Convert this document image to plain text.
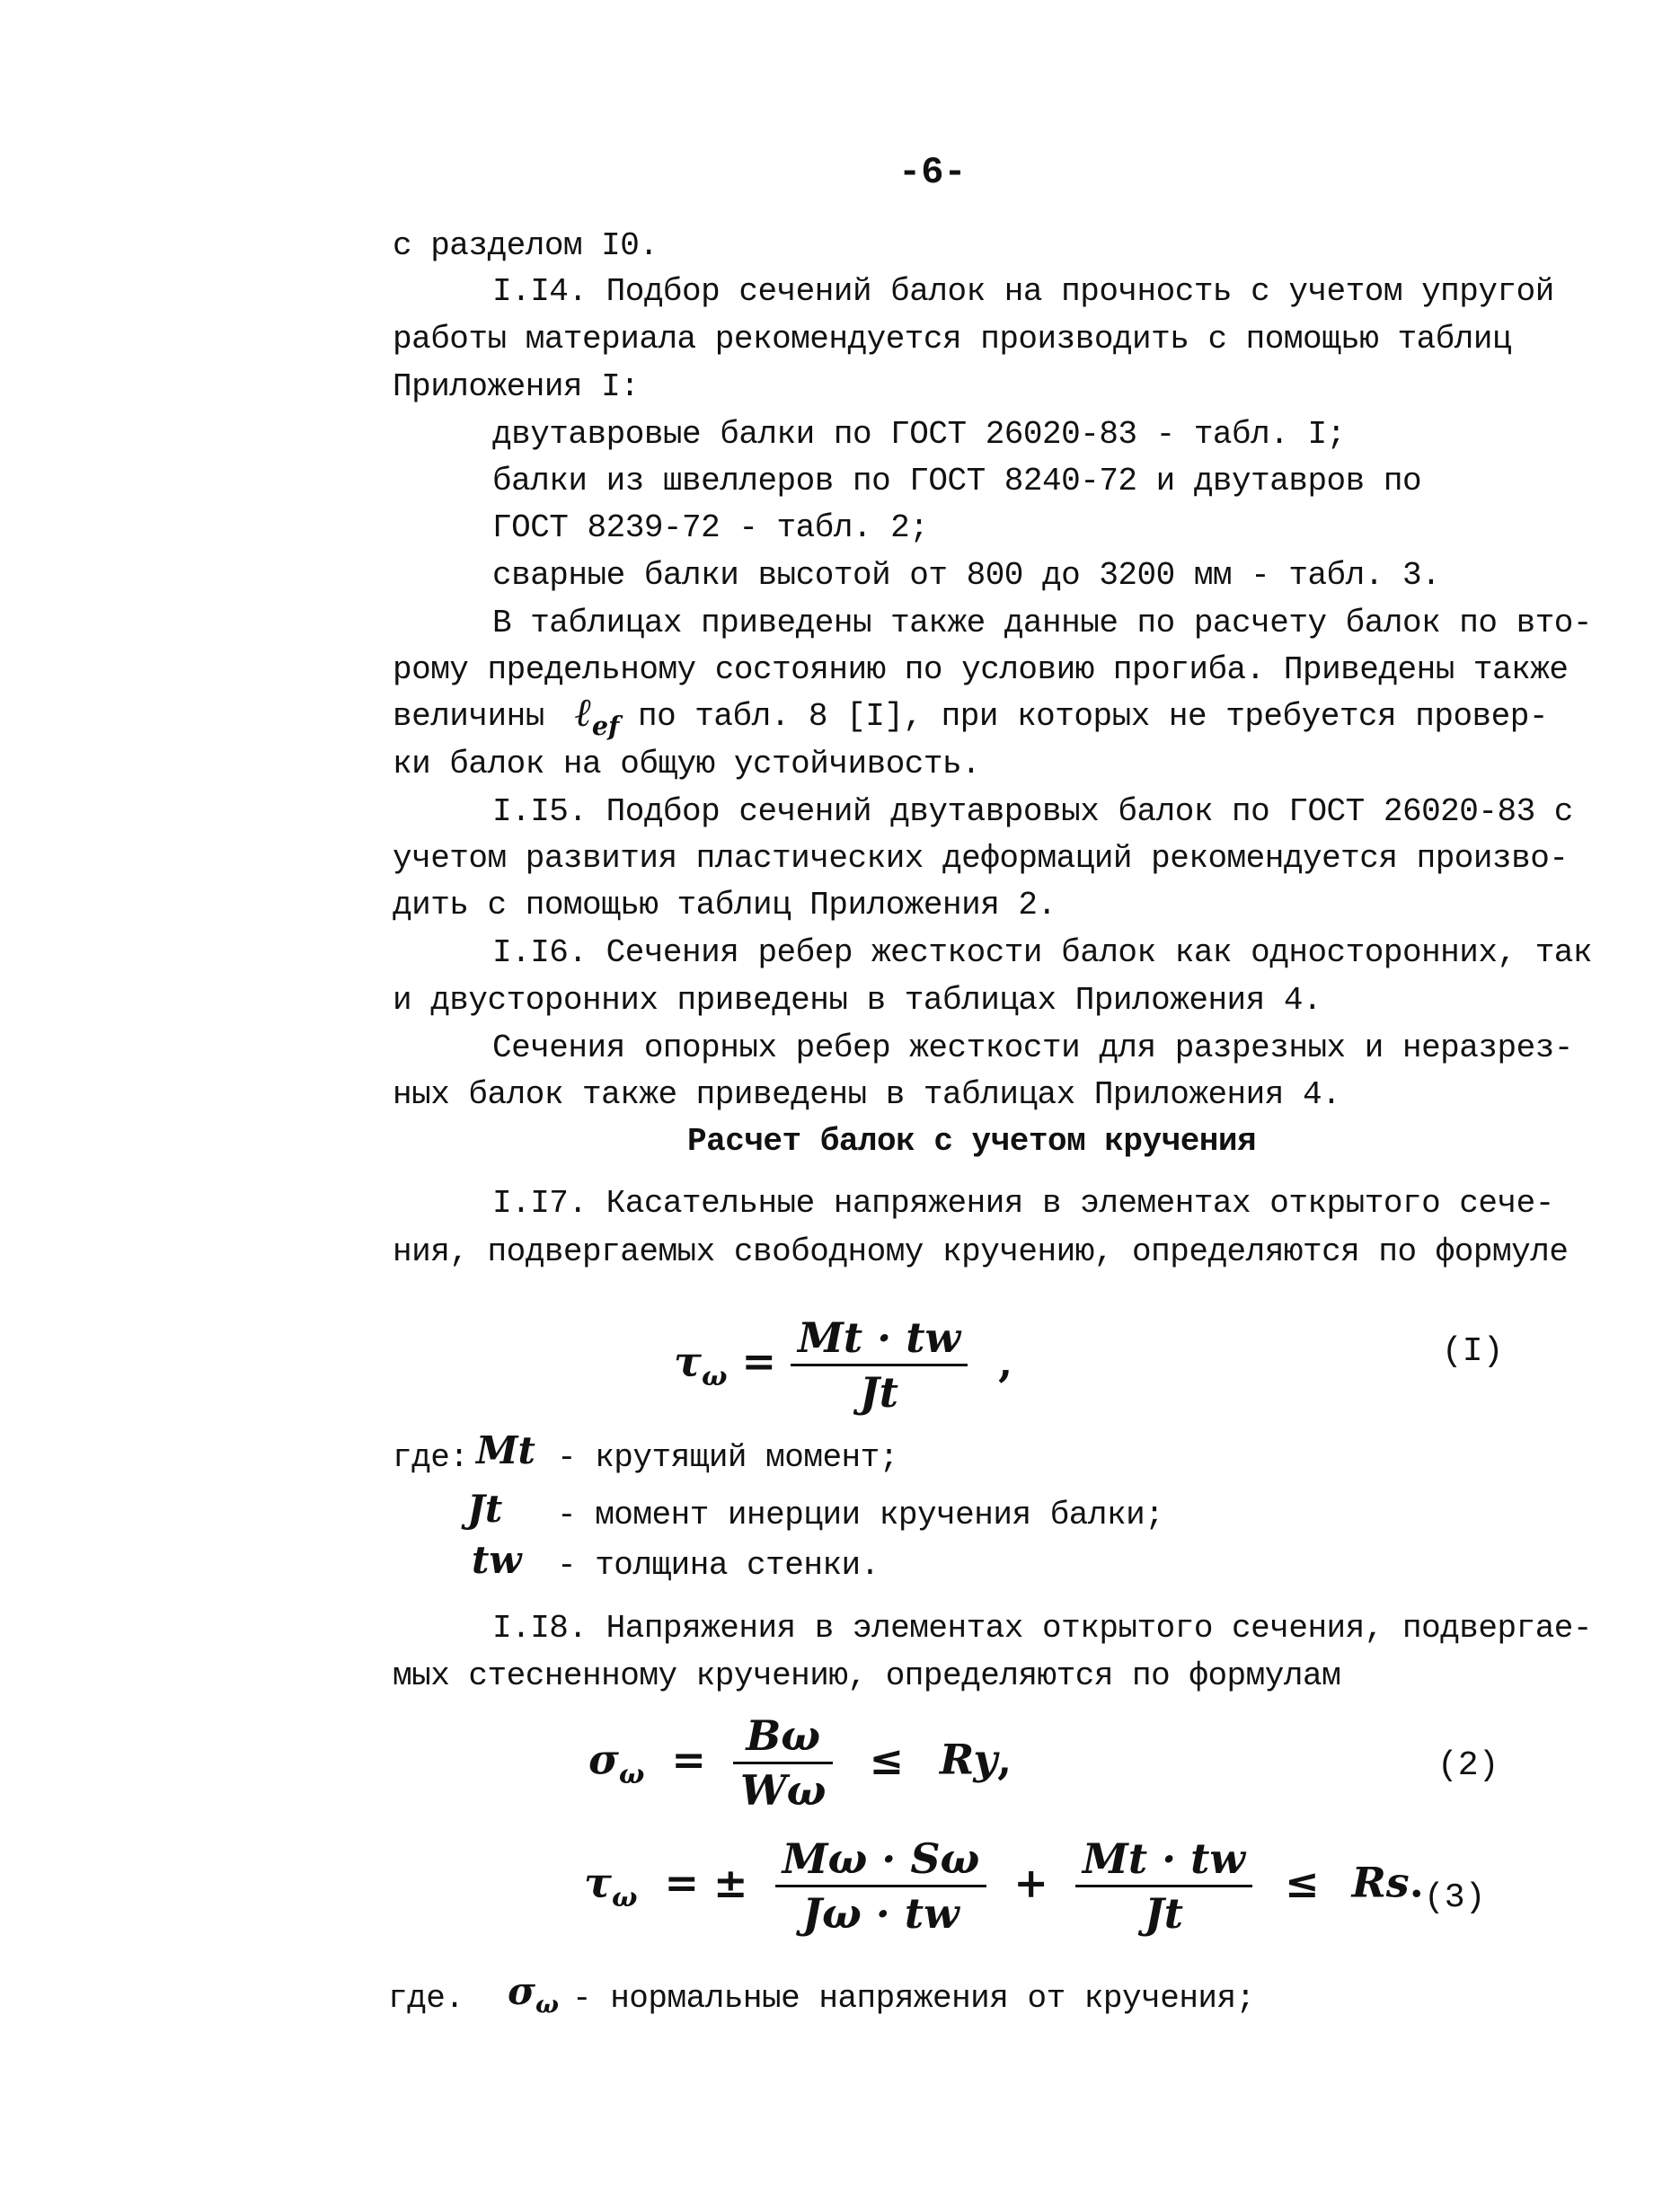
-6-
с разделом I0.
I.I4. Подбор сечений балок на прочность с учетом упругой
работы материала рекомендуется производить с помощью таблиц
Приложения I:
двутавровые балки по ГОСТ 26020-83 - табл. I;
балки из швеллеров по ГОСТ 8240-72 и двутавров по
ГОСТ 8239-72 - табл. 2;
сварные балки высотой от 800 до 3200 мм - табл. 3.
В таблицах приведены также данные по расчету балок по вто-
рому предельному состоянию по условию прогиба. Приведены также
величины ℓ$_{ef}$ по табл. 8 [I], при которых не требуется провер-
ки балок на общую устойчивость.
I.I5. Подбор сечений двутавровых балок по ГОСТ 26020-83 с
учетом развития пластических деформаций рекомендуется произво-
дить с помощью таблиц Приложения 2.
I.I6. Сечения ребер жесткости балок как односторонних, так
и двусторонних приведены в таблицах Приложения 4.
Сечения опорных ребер жесткости для разрезных и неразрез-
ных балок также приведены в таблицах Приложения 4.
Расчет балок с учетом кручения
I.I7. Касательные напряжения в элементах открытого сече-
ния, подвергаемых свободному кручению, определяются по формуле
$\tau_\omega = \frac{Mt \cdot tw}{Jt}$ ,	(I)
где: Mt - крутящий момент;
Jt - момент инерции кручения балки;
tw - толщина стенки.
I.I8. Напряжения в элементах открытого сечения, подвергае-
мых стесненному кручению, определяются по формулам
$\sigma_\omega = \frac{B\omega}{W\omega} \le Ry$,	(2)
$\tau_\omega$ = ± $\frac{M\omega \cdot S\omega}{J\omega \cdot tw} + \frac{Mt \cdot tw}{Jt} \le Rs$. (3)
где. $\sigma_\omega$ - нормальные напряжения от кручения;
